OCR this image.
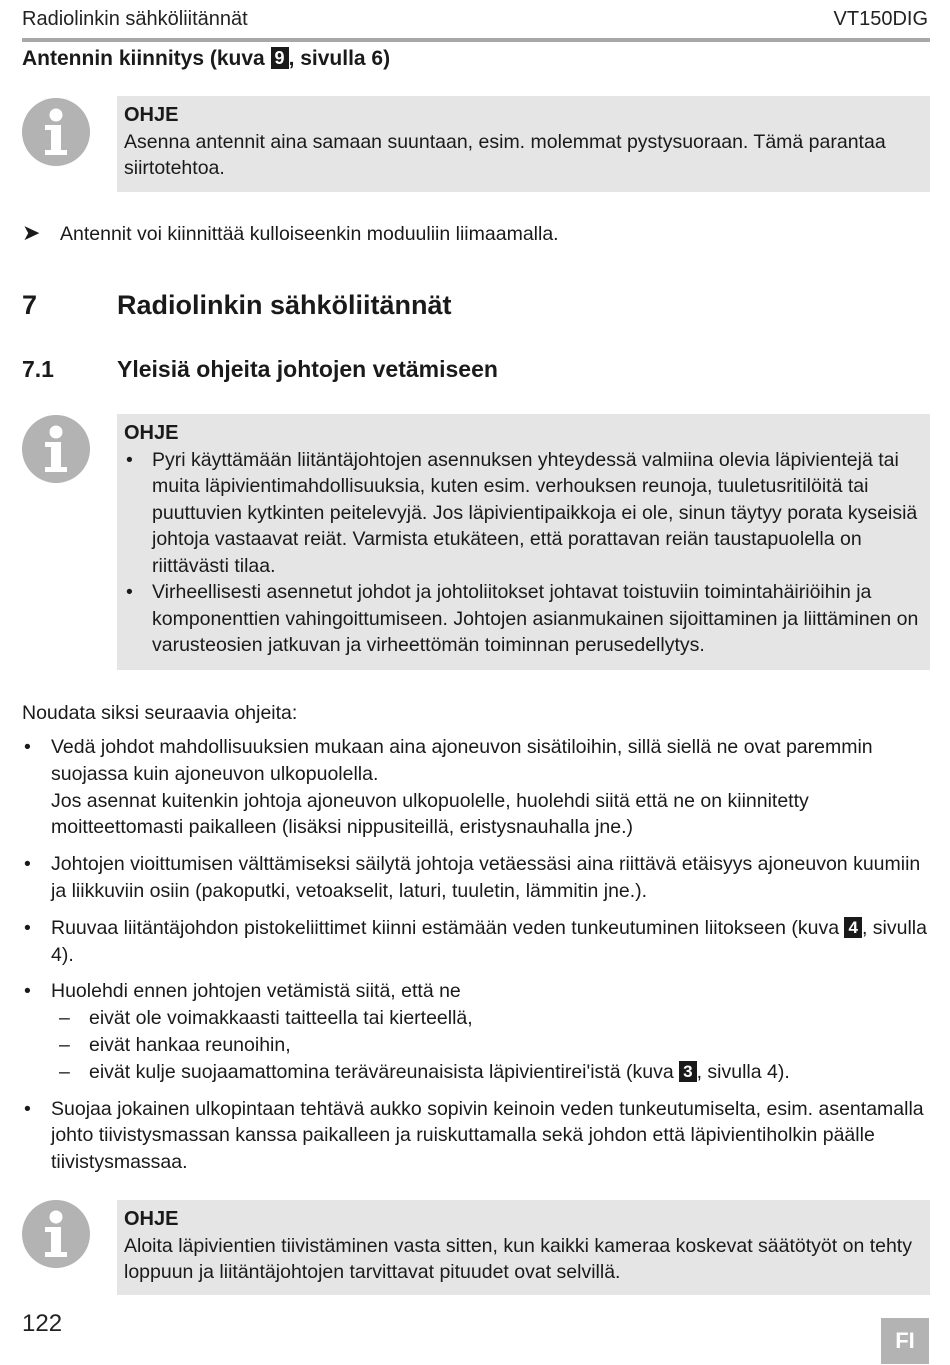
Radiolinkin sähköliitännät	VT150DIG
Antennin kiinnitys (kuva 9 , sivulla 6)
OHJE
Asenna antennit aina samaan suuntaan, esim. molemmat pystysuoraan. Tämä parantaa siirtotehtoa.
➤ Antennit voi kiinnittää kulloiseenkin moduuliin liimaamalla.
7	Radiolinkin sähköliitännät
7.1	Yleisiä ohjeita johtojen vetämiseen
OHJE
• Pyri käyttämään liitäntäjohtojen asennuksen yhteydessä valmiina olevia läpivientejä tai muita läpivientimahdollisuuksia, kuten esim. verhouksen reunoja, tuuletusritilöitä tai puuttuvien kytkinten peitelevyjä. Jos läpivientipaikkoja ei ole, sinun täytyy porata kyseisiä johtoja vastaavat reiät. Varmista etukäteen, että porattavan reiän taustapuolella on riittävästi tilaa.
• Virheellisesti asennetut johdot ja johtoliitokset johtavat toistuviin toimintahäiriöihin ja komponenttien vahingoittumiseen. Johtojen asianmukainen sijoittaminen ja liittäminen on varusteosien jatkuvan ja virheettömän toiminnan perusedellytys.
Noudata siksi seuraavia ohjeita:
• Vedä johdot mahdollisuuksien mukaan aina ajoneuvon sisätiloihin, sillä siellä ne ovat paremmin suojassa kuin ajoneuvon ulkopuolella.
Jos asennat kuitenkin johtoja ajoneuvon ulkopuolelle, huolehdi siitä että ne on kiinnitetty moitteettomasti paikalleen (lisäksi nippusiteillä, eristysnauhalla jne.)
• Johtojen vioittumisen välttämiseksi säilytä johtoja vetäessäsi aina riittävä etäisyys ajoneuvon kuumiin ja liikkuviin osiin (pakoputki, vetoakselit, laturi, tuuletin, lämmitin jne.).
• Ruuvaa liitäntäjohdon pistokeliittimet kiinni estämään veden tunkeutuminen liitokseen (kuva 4 , sivulla 4).
• Huolehdi ennen johtojen vetämistä siitä, että ne
– eivät ole voimakkaasti taitteella tai kierteellä,
– eivät hankaa reunoihin,
– eivät kulje suojaamattomina teräväreunaisista läpivientirei'istä (kuva 3 , sivulla 4).
• Suojaa jokainen ulkopintaan tehtävä aukko sopivin keinoin veden tunkeutumiselta, esim. asentamalla johto tiivistysmassan kanssa paikalleen ja ruiskuttamalla sekä johdon että läpivientiholkin päälle tiivistysmassaa.
OHJE
Aloita läpivientien tiivistäminen vasta sitten, kun kaikki kameraa koskevat säätötyöt on tehty loppuun ja liitäntäjohtojen tarvittavat pituudet ovat selvillä.
122
FI
